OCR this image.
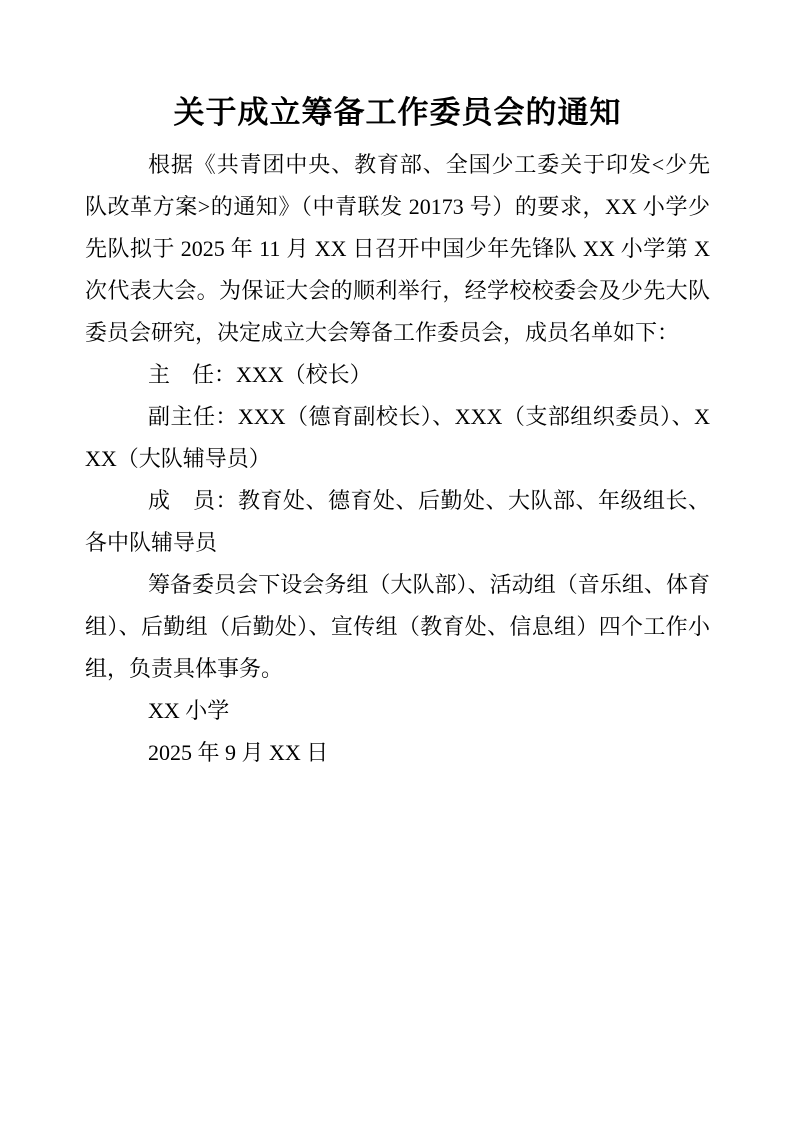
关于成立筹备工作委员会的通知

根据《共青团中央、教育部、全国少工委关于印发<少先队改革方案>的通知》（中青联发 20173 号）的要求，XX 小学少先队拟于 2025 年 11 月 XX 日召开中国少年先锋队 XX 小学第 X 次代表大会。为保证大会的顺利举行，经学校校委会及少先大队委员会研究，决定成立大会筹备工作委员会，成员名单如下：

主　任：XXX（校长）

副主任：XXX（德育副校长）、XXX（支部组织委员）、XXX（大队辅导员）

成　员：教育处、德育处、后勤处、大队部、年级组长、各中队辅导员

筹备委员会下设会务组（大队部）、活动组（音乐组、体育组）、后勤组（后勤处）、宣传组（教育处、信息组）四个工作小组，负责具体事务。

XX 小学

2025 年 9 月 XX 日
